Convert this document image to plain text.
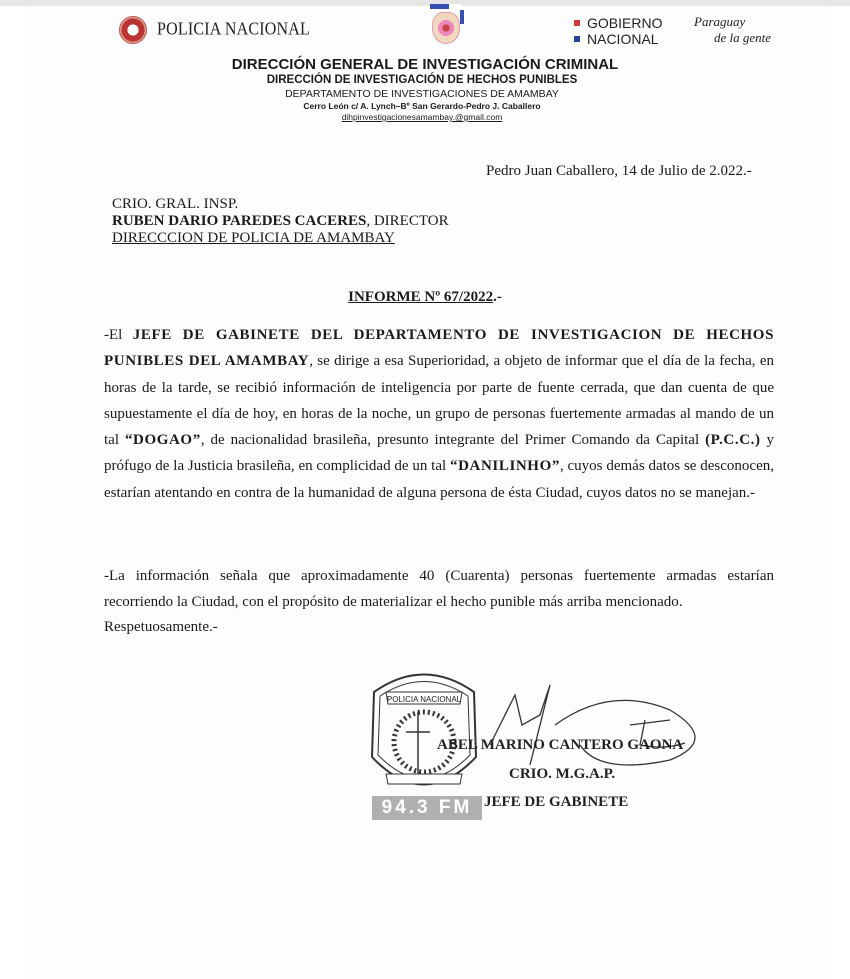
POLICIA NACIONAL	GOBIERNO
NACIONAL
Paraguay
de la gente
DIRECCIÓN GENERAL DE INVESTIGACIÓN CRIMINAL
DIRECCIÓN DE INVESTIGACIÓN DE HECHOS PUNIBLES
DEPARTAMENTO DE INVESTIGACIONES DE AMAMBAY
Cerro León c/ A. Lynch–Bº San Gerardo-Pedro J. Caballero
dihpinvestigacionesamambay.@gmail.com
Pedro Juan Caballero, 14 de Julio de 2.022.-
CRIO. GRAL. INSP.
RUBEN DARIO PAREDES CACERES, DIRECTOR
DIRECCCION DE POLICIA DE AMAMBAY
INFORME Nº 67/2022.-
-El JEFE DE GABINETE DEL DEPARTAMENTO DE INVESTIGACION DE HECHOS PUNIBLES DEL AMAMBAY, se dirige a esa Superioridad, a objeto de informar que el día de la fecha, en horas de la tarde, se recibió información de inteligencia por parte de fuente cerrada, que dan cuenta de que supuestamente el día de hoy, en horas de la noche, un grupo de personas fuertemente armadas al mando de un tal “DOGAO”, de nacionalidad brasileña, presunto integrante del Primer Comando da Capital (P.C.C.) y prófugo de la Justicia brasileña, en complicidad de un tal “DANILINHO”, cuyos demás datos se desconocen, estarían atentando en contra de la humanidad de alguna persona de ésta Ciudad, cuyos datos no se manejan.-
-La información señala que aproximadamente 40 (Cuarenta) personas fuertemente armadas estarían recorriendo la Ciudad, con el propósito de materializar el hecho punible más arriba mencionado.
Respetuosamente.-
POLICIA NACIONAL
ABEL MARINO CANTERO GAONA
CRIO. M.G.A.P.
JEFE DE GABINETE
94.3 FM
